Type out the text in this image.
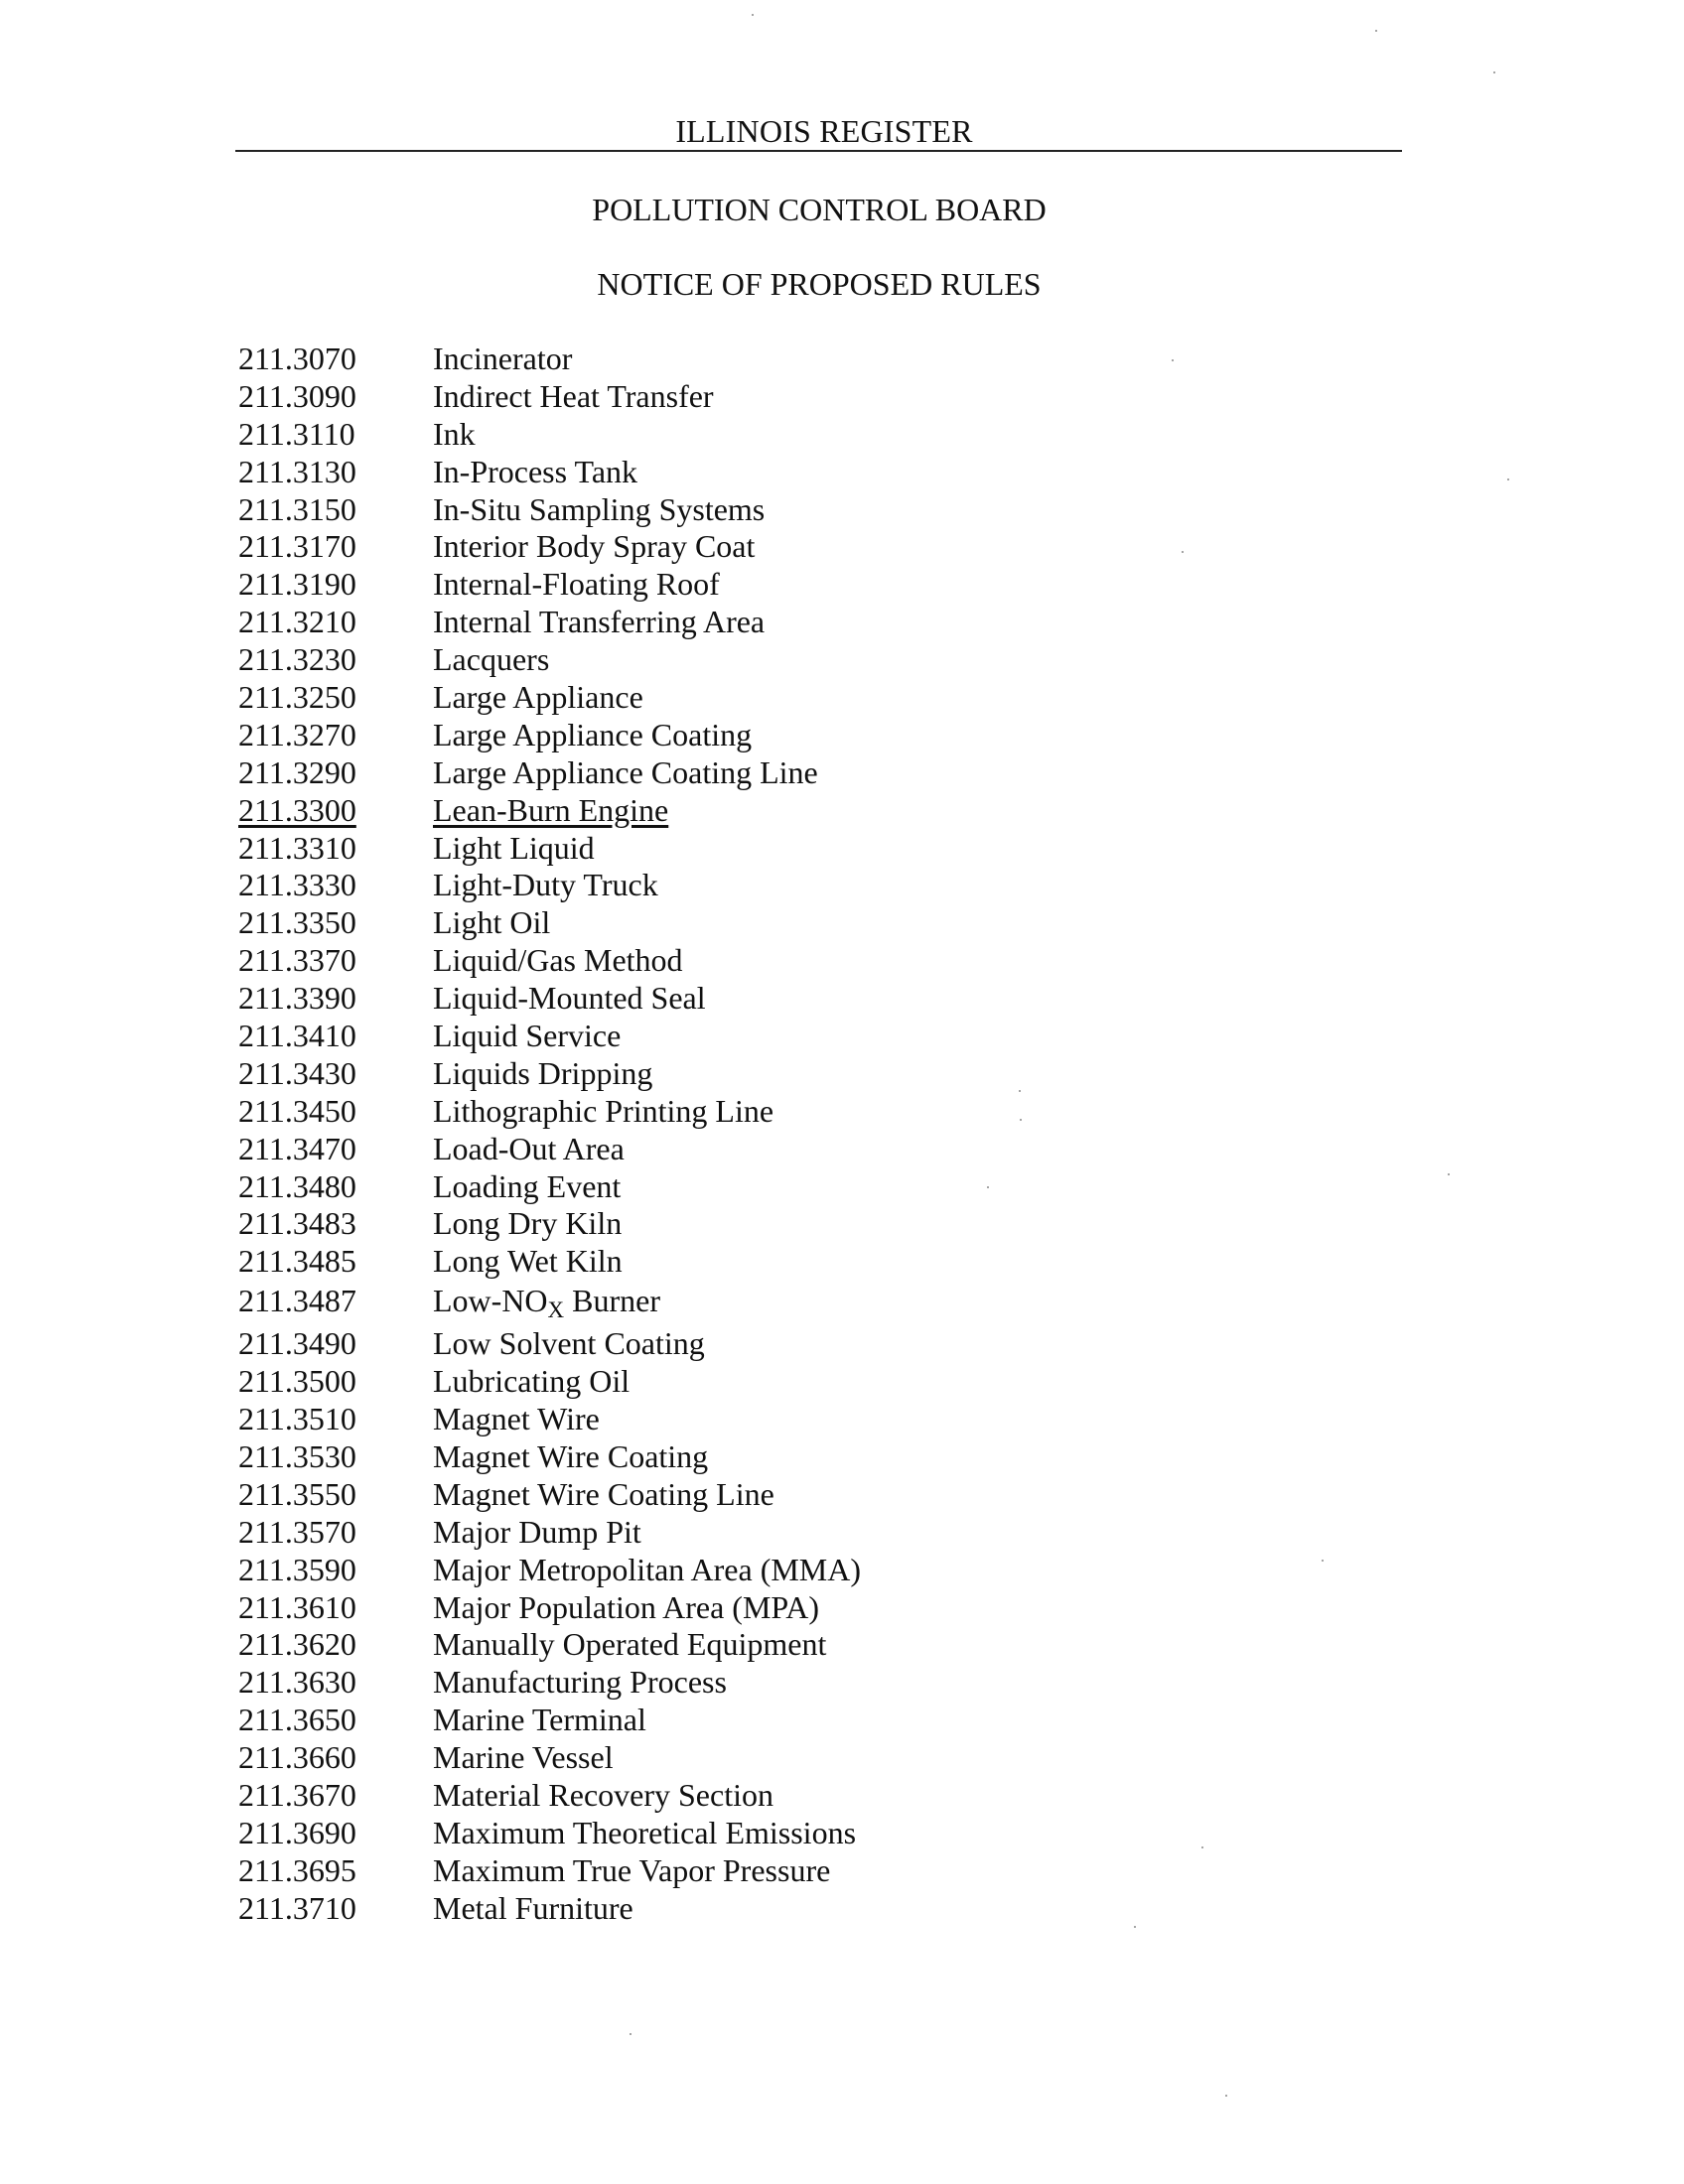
ILLINOIS REGISTER
POLLUTION CONTROL BOARD
NOTICE OF PROPOSED RULES
211.3070	Incinerator
211.3090	Indirect Heat Transfer
211.3110	Ink
211.3130	In-Process Tank
211.3150	In-Situ Sampling Systems
211.3170	Interior Body Spray Coat
211.3190	Internal-Floating Roof
211.3210	Internal Transferring Area
211.3230	Lacquers
211.3250	Large Appliance
211.3270	Large Appliance Coating
211.3290	Large Appliance Coating Line
211.3300	Lean-Burn Engine
211.3310	Light Liquid
211.3330	Light-Duty Truck
211.3350	Light Oil
211.3370	Liquid/Gas Method
211.3390	Liquid-Mounted Seal
211.3410	Liquid Service
211.3430	Liquids Dripping
211.3450	Lithographic Printing Line
211.3470	Load-Out Area
211.3480	Loading Event
211.3483	Long Dry Kiln
211.3485	Long Wet Kiln
211.3487	Low-$NO_X$ Burner
211.3490	Low Solvent Coating
211.3500	Lubricating Oil
211.3510	Magnet Wire
211.3530	Magnet Wire Coating
211.3550	Magnet Wire Coating Line
211.3570	Major Dump Pit
211.3590	Major Metropolitan Area (MMA)
211.3610	Major Population Area (MPA)
211.3620	Manually Operated Equipment
211.3630	Manufacturing Process
211.3650	Marine Terminal
211.3660	Marine Vessel
211.3670	Material Recovery Section
211.3690	Maximum Theoretical Emissions
211.3695	Maximum True Vapor Pressure
211.3710	Metal Furniture
